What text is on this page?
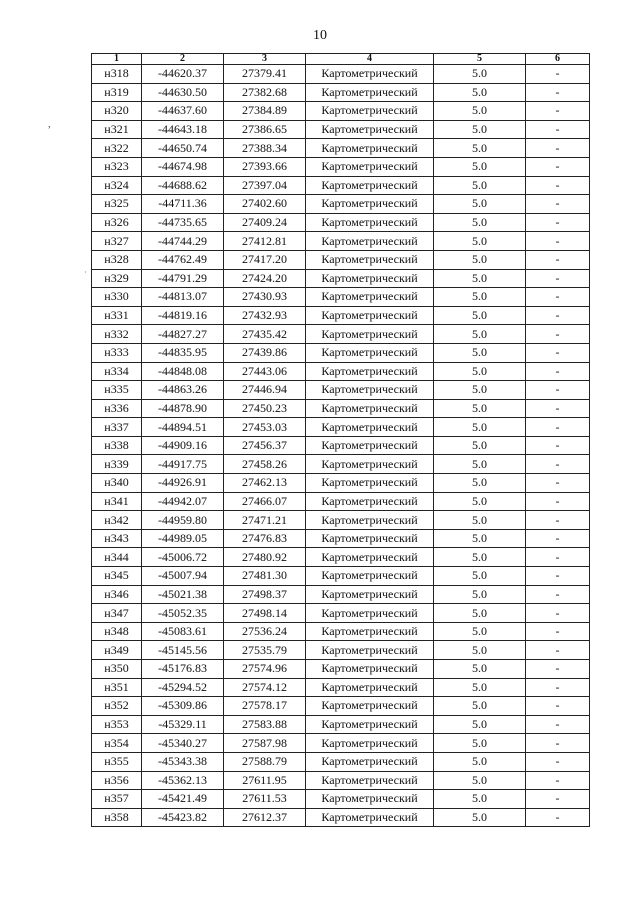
10
,
·
1	2	3	4	5	6
н318	-44620.37	27379.41	Картометрический	5.0	-
н319	-44630.50	27382.68	Картометрический	5.0	-
н320	-44637.60	27384.89	Картометрический	5.0	-
н321	-44643.18	27386.65	Картометрический	5.0	-
н322	-44650.74	27388.34	Картометрический	5.0	-
н323	-44674.98	27393.66	Картометрический	5.0	-
н324	-44688.62	27397.04	Картометрический	5.0	-
н325	-44711.36	27402.60	Картометрический	5.0	-
н326	-44735.65	27409.24	Картометрический	5.0	-
н327	-44744.29	27412.81	Картометрический	5.0	-
н328	-44762.49	27417.20	Картометрический	5.0	-
н329	-44791.29	27424.20	Картометрический	5.0	-
н330	-44813.07	27430.93	Картометрический	5.0	-
н331	-44819.16	27432.93	Картометрический	5.0	-
н332	-44827.27	27435.42	Картометрический	5.0	-
н333	-44835.95	27439.86	Картометрический	5.0	-
н334	-44848.08	27443.06	Картометрический	5.0	-
н335	-44863.26	27446.94	Картометрический	5.0	-
н336	-44878.90	27450.23	Картометрический	5.0	-
н337	-44894.51	27453.03	Картометрический	5.0	-
н338	-44909.16	27456.37	Картометрический	5.0	-
н339	-44917.75	27458.26	Картометрический	5.0	-
н340	-44926.91	27462.13	Картометрический	5.0	-
н341	-44942.07	27466.07	Картометрический	5.0	-
н342	-44959.80	27471.21	Картометрический	5.0	-
н343	-44989.05	27476.83	Картометрический	5.0	-
н344	-45006.72	27480.92	Картометрический	5.0	-
н345	-45007.94	27481.30	Картометрический	5.0	-
н346	-45021.38	27498.37	Картометрический	5.0	-
н347	-45052.35	27498.14	Картометрический	5.0	-
н348	-45083.61	27536.24	Картометрический	5.0	-
н349	-45145.56	27535.79	Картометрический	5.0	-
н350	-45176.83	27574.96	Картометрический	5.0	-
н351	-45294.52	27574.12	Картометрический	5.0	-
н352	-45309.86	27578.17	Картометрический	5.0	-
н353	-45329.11	27583.88	Картометрический	5.0	-
н354	-45340.27	27587.98	Картометрический	5.0	-
н355	-45343.38	27588.79	Картометрический	5.0	-
н356	-45362.13	27611.95	Картометрический	5.0	-
н357	-45421.49	27611.53	Картометрический	5.0	-
н358	-45423.82	27612.37	Картометрический	5.0	-
